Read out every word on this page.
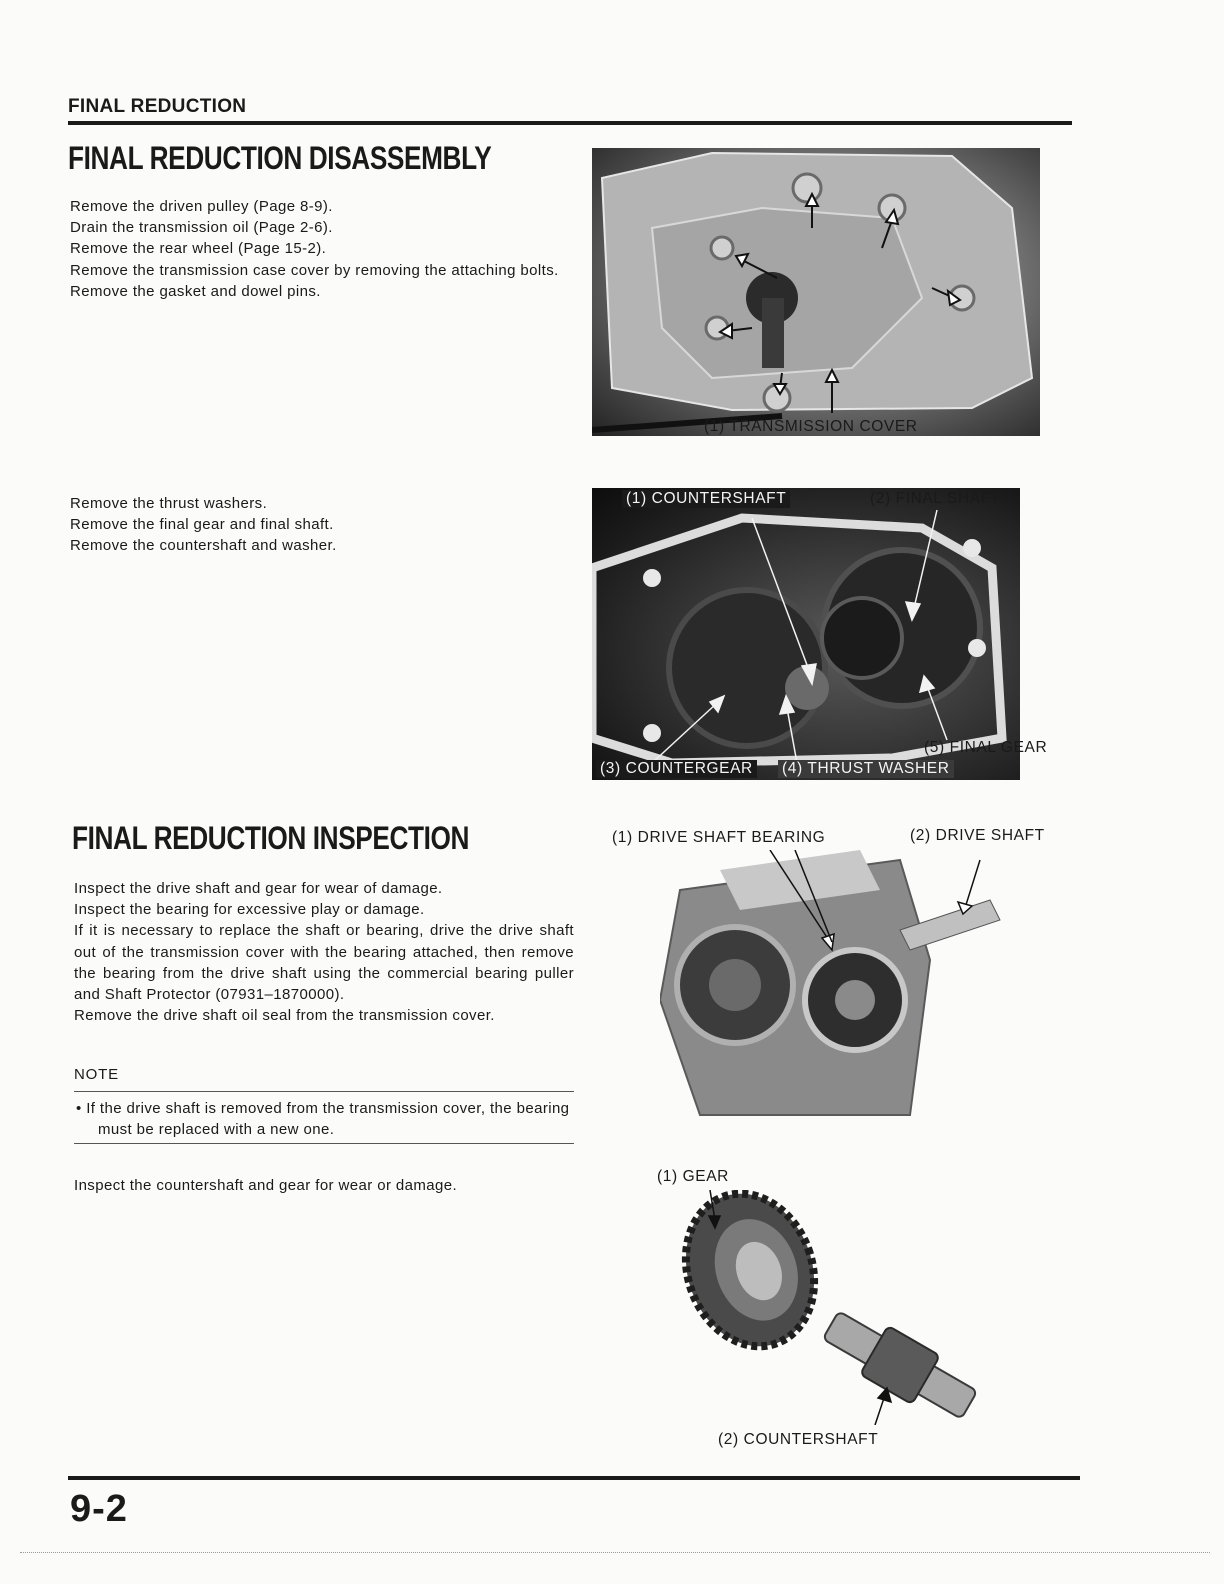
FINAL REDUCTION
FINAL REDUCTION DISASSEMBLY

Remove the driven pulley (Page 8-9).

Drain the transmission oil (Page 2-6).

Remove the rear wheel (Page 15-2).

Remove the transmission case cover by removing the attaching bolts.

Remove the gasket and dowel pins.

(1) TRANSMISSION COVER

Remove the thrust washers.

Remove the final gear and final shaft.

Remove the countershaft and washer.

(1) COUNTERSHAFT	(2) FINAL SHAFT
(5) FINAL GEAR
(3) COUNTERGEAR (4) THRUST WASHER
FINAL REDUCTION INSPECTION

Inspect the drive shaft and gear for wear of damage.

Inspect the bearing for excessive play or damage.

If it is necessary to replace the shaft or bearing, drive the drive shaft out of the transmission cover with the bearing attached, then remove the bearing from the drive shaft using the commercial bearing puller and Shaft Protector (07931–1870000).

Remove the drive shaft oil seal from the transmission cover.

NOTE
• If the drive shaft is removed from the transmission cover, the bearing must be replaced with a new one.
Inspect the countershaft and gear for wear or damage.
(1) DRIVE SHAFT BEARING	(2) DRIVE SHAFT
(1) GEAR
(2) COUNTERSHAFT
9-2
